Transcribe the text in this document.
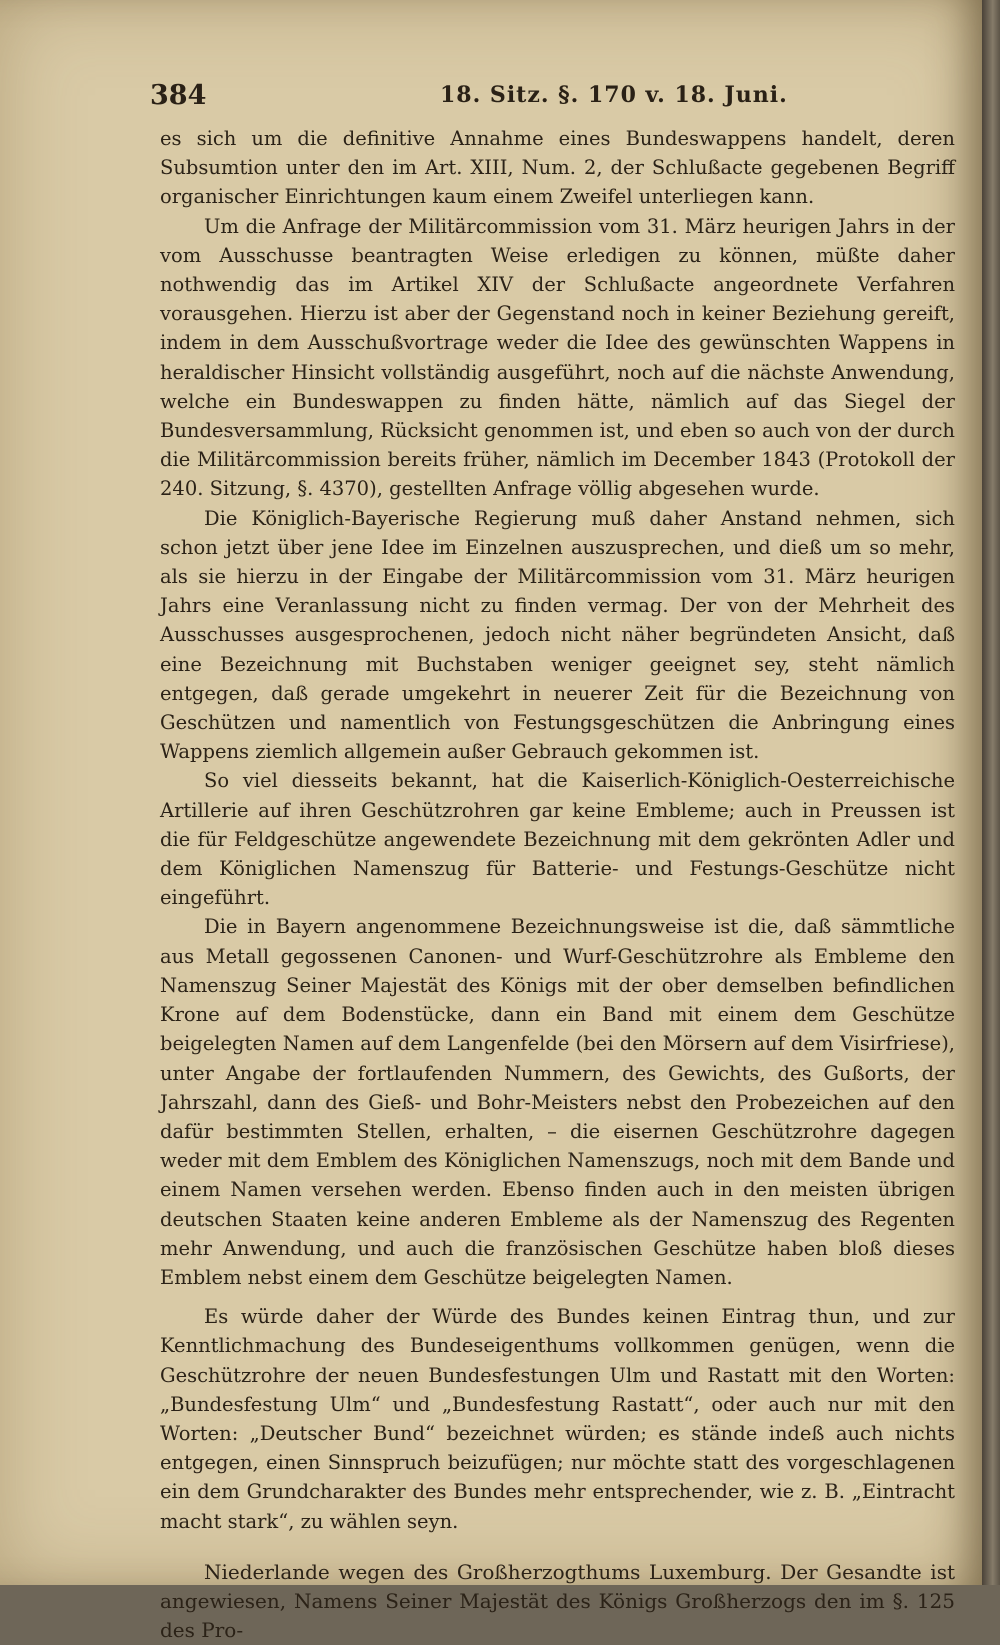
384	18. Sitz. §. 170 v. 18. Juni.

es sich um die definitive Annahme eines Bundeswappens handelt, deren Subsumtion unter den im Art. XIII, Num. 2, der Schlußacte gegebenen Begriff organischer Einrichtungen kaum einem Zweifel unterliegen kann.

Um die Anfrage der Militärcommission vom 31. März heurigen Jahrs in der vom Ausschusse beantragten Weise erledigen zu können, müßte daher nothwendig das im Artikel XIV der Schlußacte angeordnete Verfahren vorausgehen. Hierzu ist aber der Gegenstand noch in keiner Beziehung gereift, indem in dem Ausschußvortrage weder die Idee des gewünschten Wappens in heraldischer Hinsicht vollständig ausgeführt, noch auf die nächste Anwendung, welche ein Bundeswappen zu finden hätte, nämlich auf das Siegel der Bundesversammlung, Rücksicht genommen ist, und eben so auch von der durch die Militärcommission bereits früher, nämlich im December 1843 (Protokoll der 240. Sitzung, §. 4370), gestellten Anfrage völlig abgesehen wurde.

Die Königlich-Bayerische Regierung muß daher Anstand nehmen, sich schon jetzt über jene Idee im Einzelnen auszusprechen, und dieß um so mehr, als sie hierzu in der Eingabe der Militärcommission vom 31. März heurigen Jahrs eine Veranlassung nicht zu finden vermag. Der von der Mehrheit des Ausschusses ausgesprochenen, jedoch nicht näher begründeten Ansicht, daß eine Bezeichnung mit Buchstaben weniger geeignet sey, steht nämlich entgegen, daß gerade umgekehrt in neuerer Zeit für die Bezeichnung von Geschützen und namentlich von Festungsgeschützen die Anbringung eines Wappens ziemlich allgemein außer Gebrauch gekommen ist.

So viel diesseits bekannt, hat die Kaiserlich-Königlich-Oesterreichische Artillerie auf ihren Geschützrohren gar keine Embleme; auch in Preussen ist die für Feldgeschütze angewendete Bezeichnung mit dem gekrönten Adler und dem Königlichen Namenszug für Batterie- und Festungs-Geschütze nicht eingeführt.

Die in Bayern angenommene Bezeichnungsweise ist die, daß sämmtliche aus Metall gegossenen Canonen- und Wurf-Geschützrohre als Embleme den Namenszug Seiner Majestät des Königs mit der ober demselben befindlichen Krone auf dem Bodenstücke, dann ein Band mit einem dem Geschütze beigelegten Namen auf dem Langenfelde (bei den Mörsern auf dem Visirfriese), unter Angabe der fortlaufenden Nummern, des Gewichts, des Gußorts, der Jahrszahl, dann des Gieß- und Bohr-Meisters nebst den Probezeichen auf den dafür bestimmten Stellen, erhalten, – die eisernen Geschützrohre dagegen weder mit dem Emblem des Königlichen Namenszugs, noch mit dem Bande und einem Namen versehen werden. Ebenso finden auch in den meisten übrigen deutschen Staaten keine anderen Embleme als der Namenszug des Regenten mehr Anwendung, und auch die französischen Geschütze haben bloß dieses Emblem nebst einem dem Geschütze beigelegten Namen.

Es würde daher der Würde des Bundes keinen Eintrag thun, und zur Kenntlichmachung des Bundeseigenthums vollkommen genügen, wenn die Geschützrohre der neuen Bundesfestungen Ulm und Rastatt mit den Worten: „Bundesfestung Ulm“ und „Bundesfestung Rastatt“, oder auch nur mit den Worten: „Deutscher Bund“ bezeichnet würden; es stände indeß auch nichts entgegen, einen Sinnspruch beizufügen; nur möchte statt des vorgeschlagenen ein dem Grundcharakter des Bundes mehr entsprechender, wie z. B. „Eintracht macht stark“, zu wählen seyn.

Niederlande wegen des Großherzogthums Luxemburg. Der Gesandte ist angewiesen, Namens Seiner Majestät des Königs Großherzogs den im §. 125 des Pro-
